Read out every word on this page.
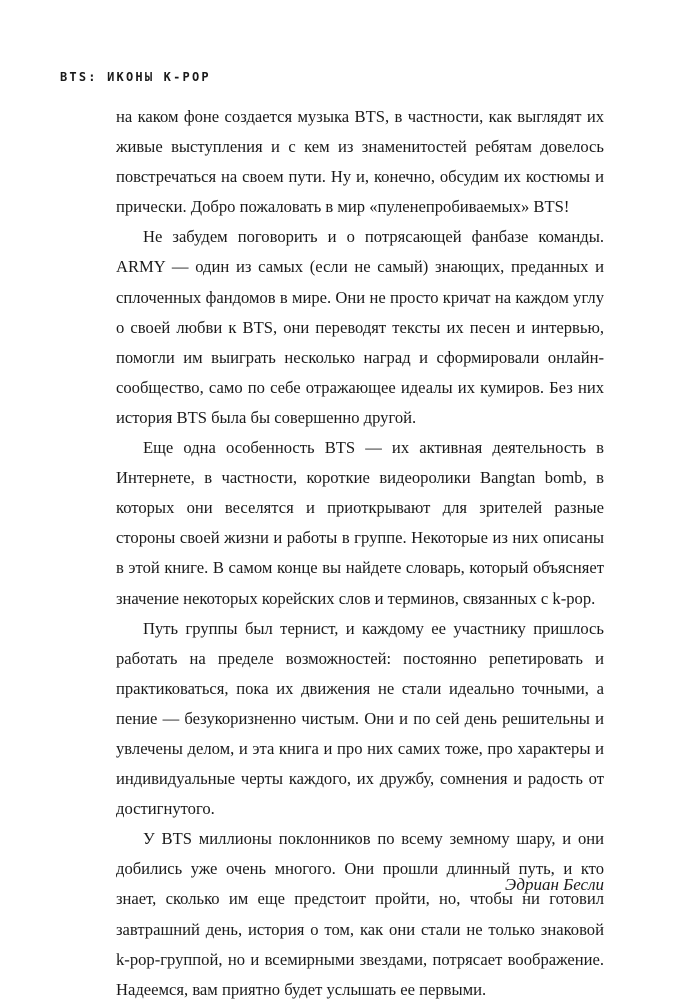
BTS: ИКОНЫ K-POP

на каком фоне создается музыка BTS, в частности, как выглядят их живые выступления и с кем из знаменитостей ребятам довелось повстречаться на своем пути. Ну и, конечно, обсудим их костюмы и прически. Добро пожаловать в мир «пуленепробиваемых» BTS!

Не забудем поговорить и о потрясающей фанбазе команды. ARMY — один из самых (если не самый) знающих, преданных и сплоченных фандомов в мире. Они не просто кричат на каждом углу о своей любви к BTS, они переводят тексты их песен и интервью, помогли им выиграть несколько наград и сформировали онлайн-сообщество, само по себе отражающее идеалы их кумиров. Без них история BTS была бы совершенно другой.

Еще одна особенность BTS — их активная деятельность в Интернете, в частности, короткие видеоролики Bangtan bomb, в которых они веселятся и приоткрывают для зрителей разные стороны своей жизни и работы в группе. Некоторые из них описаны в этой книге. В самом конце вы найдете словарь, который объясняет значение некоторых корейских слов и терминов, связанных с k-pop.

Путь группы был тернист, и каждому ее участнику пришлось работать на пределе возможностей: постоянно репетировать и практиковаться, пока их движения не стали идеально точными, а пение — безукоризненно чистым. Они и по сей день решительны и увлечены делом, и эта книга и про них самих тоже, про характеры и индивидуальные черты каждого, их дружбу, сомнения и радость от достигнутого.

У BTS миллионы поклонников по всему земному шару, и они добились уже очень многого. Они прошли длинный путь, и кто знает, сколько им еще предстоит пройти, но, чтобы ни готовил завтрашний день, история о том, как они стали не только знаковой k-pop-группой, но и всемирными звездами, потрясает воображение. Надеемся, вам приятно будет услышать ее первыми.

Эдриан Бесли
